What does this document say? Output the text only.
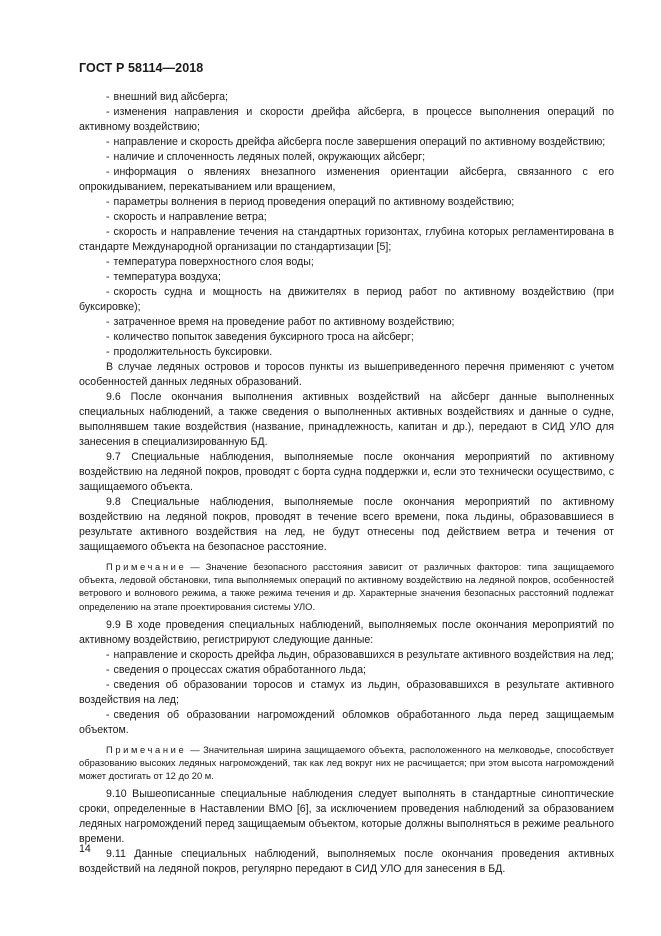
ГОСТ Р 58114—2018

- внешний вид айсберга;

- изменения направления и скорости дрейфа айсберга, в процессе выполнения операций по активному воздействию;

- направление и скорость дрейфа айсберга после завершения операций по активному воздействию;

- наличие и сплоченность ледяных полей, окружающих айсберг;

- информация о явлениях внезапного изменения ориентации айсберга, связанного с его опрокидыванием, перекатыванием или вращением,

- параметры волнения в период проведения операций по активному воздействию;

- скорость и направление ветра;

- скорость и направление течения на стандартных горизонтах, глубина которых регламентирована в стандарте Международной организации по стандартизации [5];

- температура поверхностного слоя воды;

- температура воздуха;

- скорость судна и мощность на движителях в период работ по активному воздействию (при буксировке);

- затраченное время на проведение работ по активному воздействию;

- количество попыток заведения буксирного троса на айсберг;

- продолжительность буксировки.

В случае ледяных островов и торосов пункты из вышеприведенного перечня применяют с учетом особенностей данных ледяных образований.

9.6 После окончания выполнения активных воздействий на айсберг данные выполненных специальных наблюдений, а также сведения о выполненных активных воздействиях и данные о судне, выполнявшем такие воздействия (название, принадлежность, капитан и др.), передают в СИД УЛО для занесения в специализированную БД.

9.7 Специальные наблюдения, выполняемые после окончания мероприятий по активному воздействию на ледяной покров, проводят с борта судна поддержки и, если это технически осуществимо, с защищаемого объекта.

9.8 Специальные наблюдения, выполняемые после окончания мероприятий по активному воздействию на ледяной покров, проводят в течение всего времени, пока льдины, образовавшиеся в результате активного воздействия на лед, не будут отнесены под действием ветра и течения от защищаемого объекта на безопасное расстояние.

Примечание — Значение безопасного расстояния зависит от различных факторов: типа защищаемого объекта, ледовой обстановки, типа выполняемых операций по активному воздействию на ледяной покров, особенностей ветрового и волнового режима, а также режима течения и др. Характерные значения безопасных расстояний подлежат определению на этапе проектирования системы УЛО.

9.9 В ходе проведения специальных наблюдений, выполняемых после окончания мероприятий по активному воздействию, регистрируют следующие данные:

- направление и скорость дрейфа льдин, образовавшихся в результате активного воздействия на лед;

- сведения о процессах сжатия обработанного льда;

- сведения об образовании торосов и стамух из льдин, образовавшихся в результате активного воздействия на лед;

- сведения об образовании нагромождений обломков обработанного льда перед защищаемым объектом.

Примечание — Значительная ширина защищаемого объекта, расположенного на мелководье, способствует образованию высоких ледяных нагромождений, так как лед вокруг них не расчищается; при этом высота нагромождений может достигать от 12 до 20 м.

9.10 Вышеописанные специальные наблюдения следует выполнять в стандартные синоптические сроки, определенные в Наставлении ВМО [6], за исключением проведения наблюдений за образованием ледяных нагромождений перед защищаемым объектом, которые должны выполняться в режиме реального времени.

9.11 Данные специальных наблюдений, выполняемых после окончания проведения активных воздействий на ледяной покров, регулярно передают в СИД УЛО для занесения в БД.

14
